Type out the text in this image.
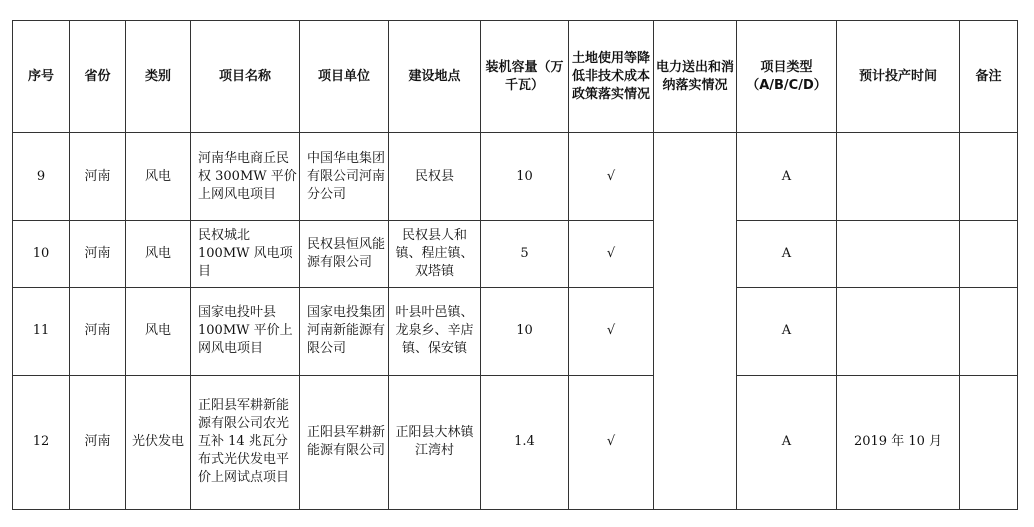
序号	省份	类别	项目名称	项目单位	建设地点	装机容量（万千瓦）	土地使用等降低非技术成本政策落实情况	电力送出和消纳落实情况	项目类型（A/B/C/D）	预计投产时间	备注
9	河南	风电	河南华电商丘民权 300MW 平价上网风电项目	中国华电集团有限公司河南分公司	民权县	10	√		A		
10	河南	风电	民权城北 100MW 风电项目	民权县恒风能源有限公司	民权县人和镇、程庄镇、双塔镇	5	√		A		
11	河南	风电	国家电投叶县 100MW 平价上网风电项目	国家电投集团河南新能源有限公司	叶县叶邑镇、龙泉乡、辛店镇、保安镇	10	√		A		
12	河南	光伏发电	正阳县军耕新能源有限公司农光互补 14 兆瓦分布式光伏发电平价上网试点项目	正阳县军耕新能源有限公司	正阳县大林镇江湾村	1.4	√		A	2019 年 10 月	
